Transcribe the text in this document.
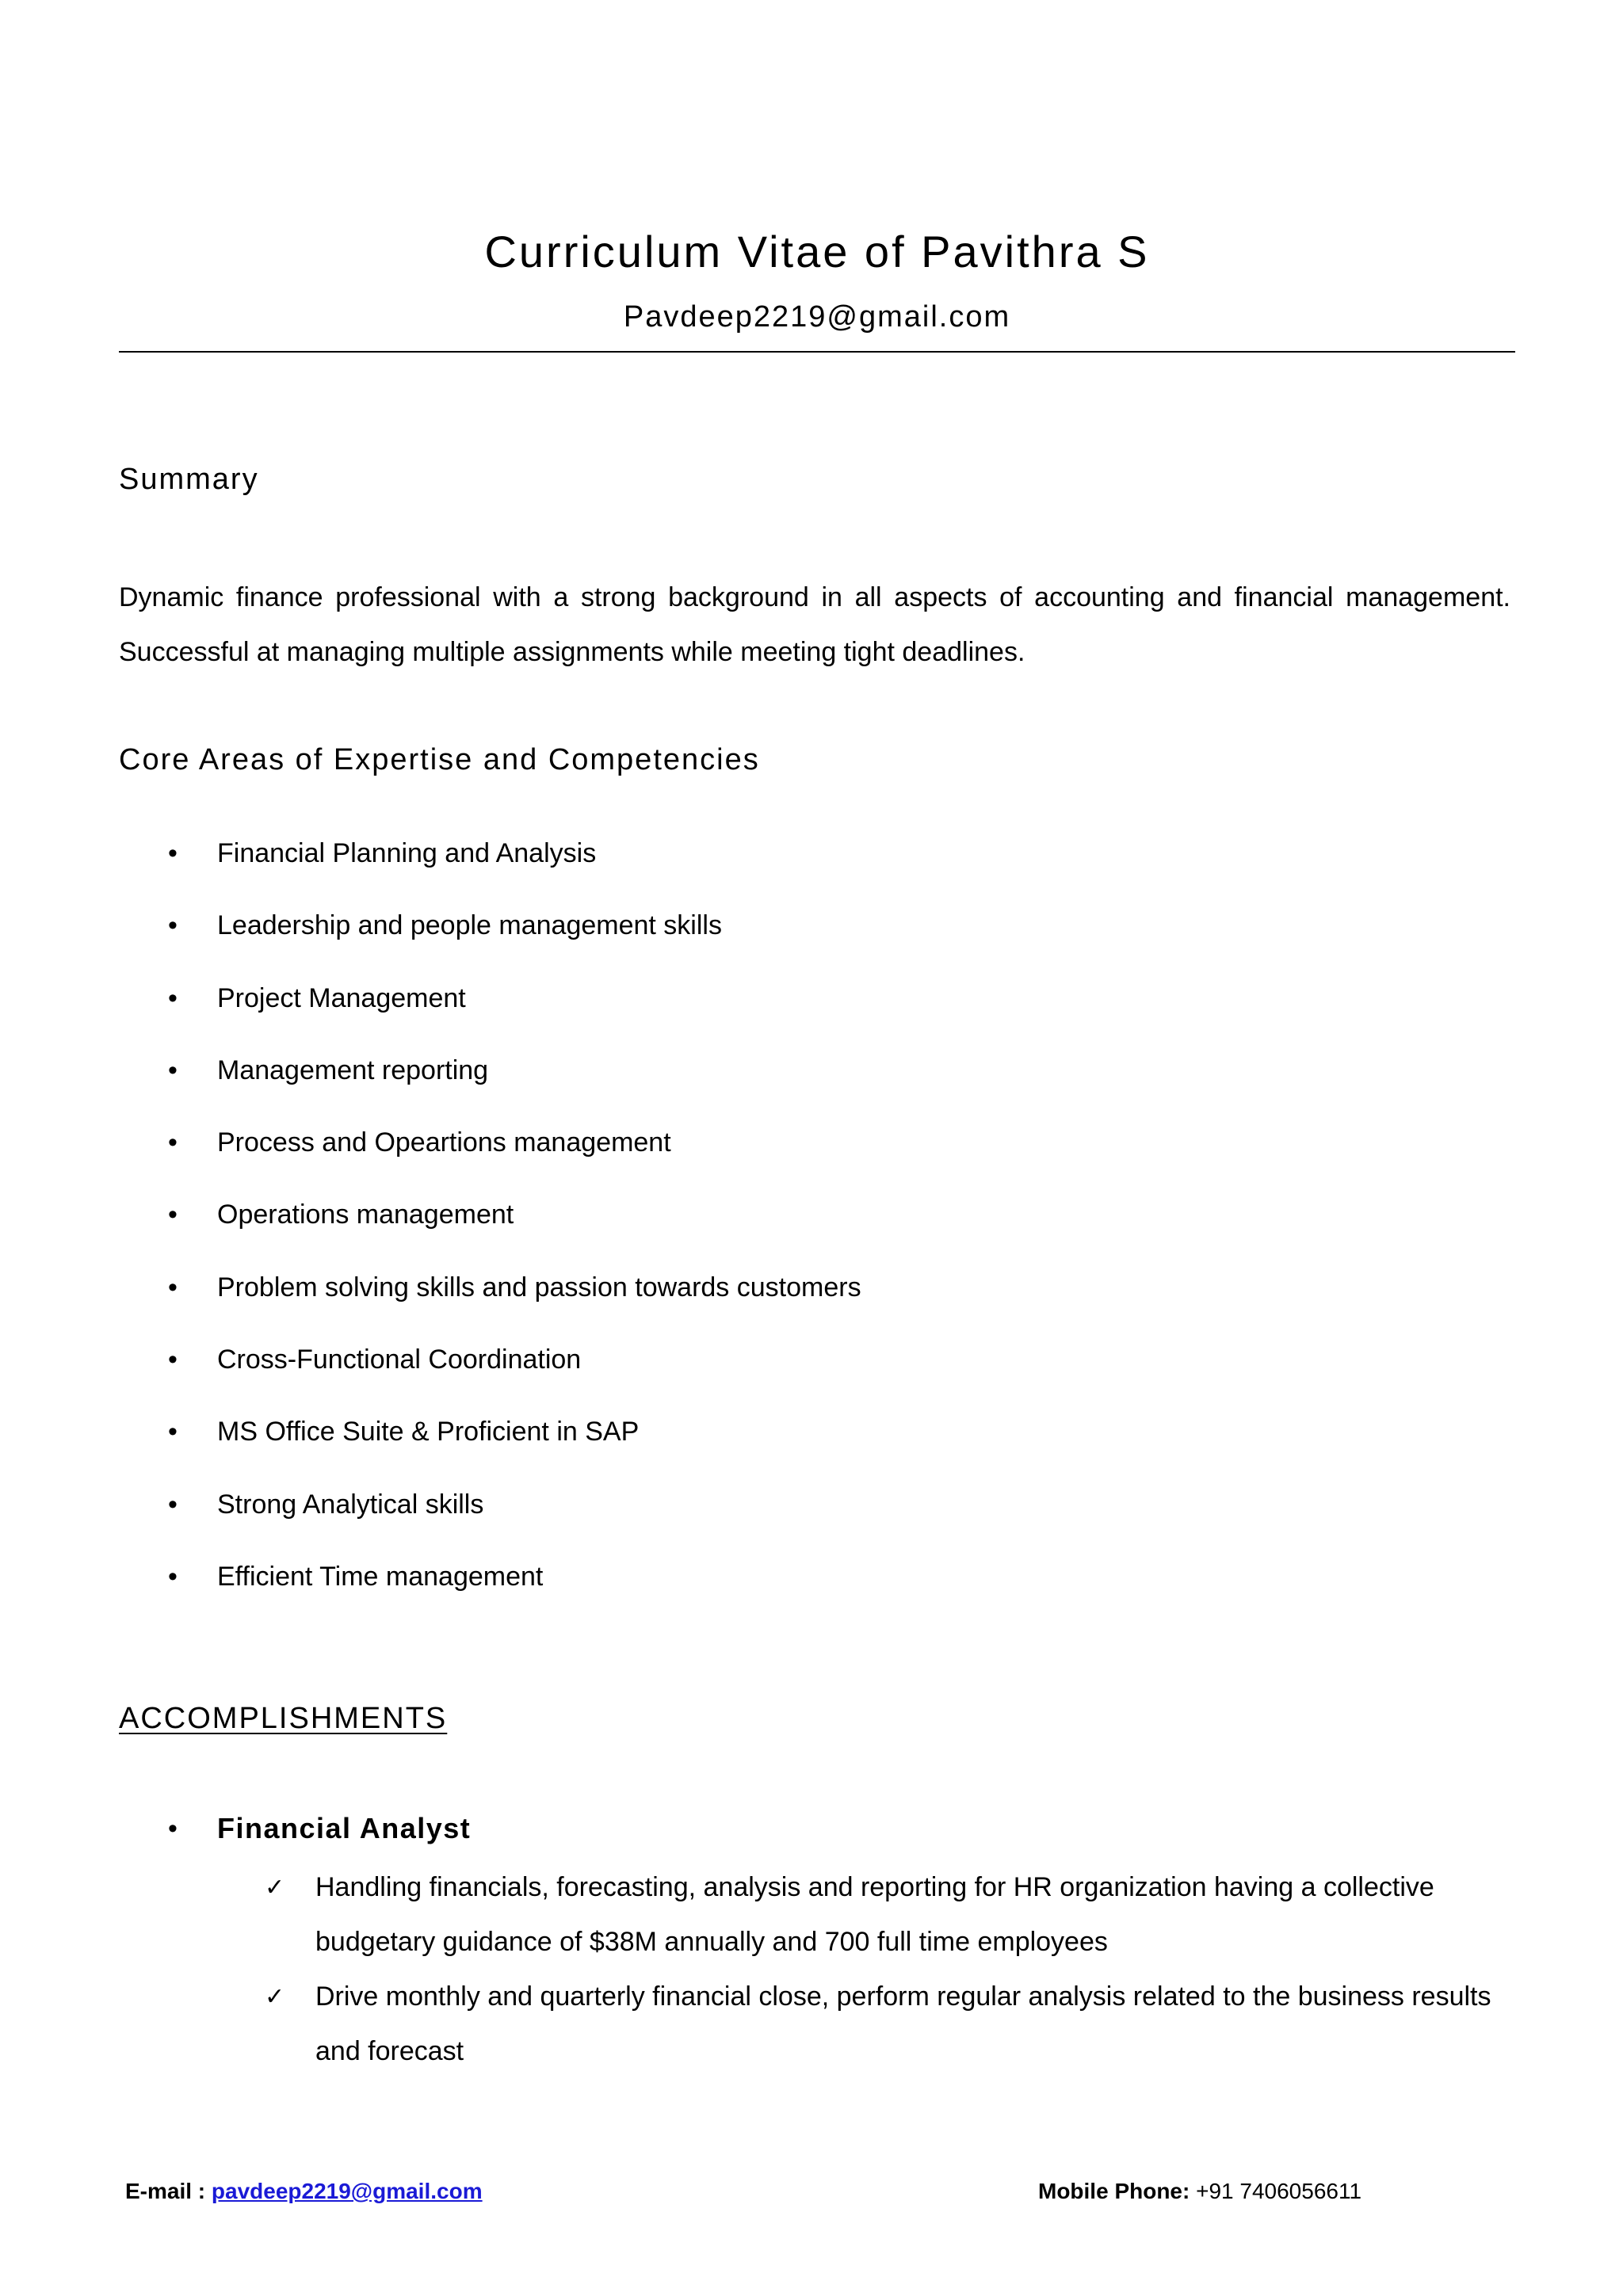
Curriculum Vitae of Pavithra S
Pavdeep2219@gmail.com
Summary

Dynamic finance professional with a strong background in all aspects of accounting and financial management. Successful at managing multiple assignments while meeting tight deadlines.

Core Areas of Expertise and Competencies
• Financial Planning and Analysis
• Leadership and people management skills
• Project Management
• Management reporting
• Process and Opeartions management
• Operations management
• Problem solving skills and passion towards customers
• Cross-Functional Coordination
• MS Office Suite & Proficient in SAP
• Strong Analytical skills
• Efficient Time management
ACCOMPLISHMENTS
• Financial Analyst
✓ Handling financials, forecasting, analysis and reporting for HR organization having a collective budgetary guidance of $38M annually and 700 full time employees
✓ Drive monthly and quarterly financial close, perform regular analysis related to the business results and forecast
E-mail : pavdeep2219@gmail.com	Mobile Phone: +91 7406056611
